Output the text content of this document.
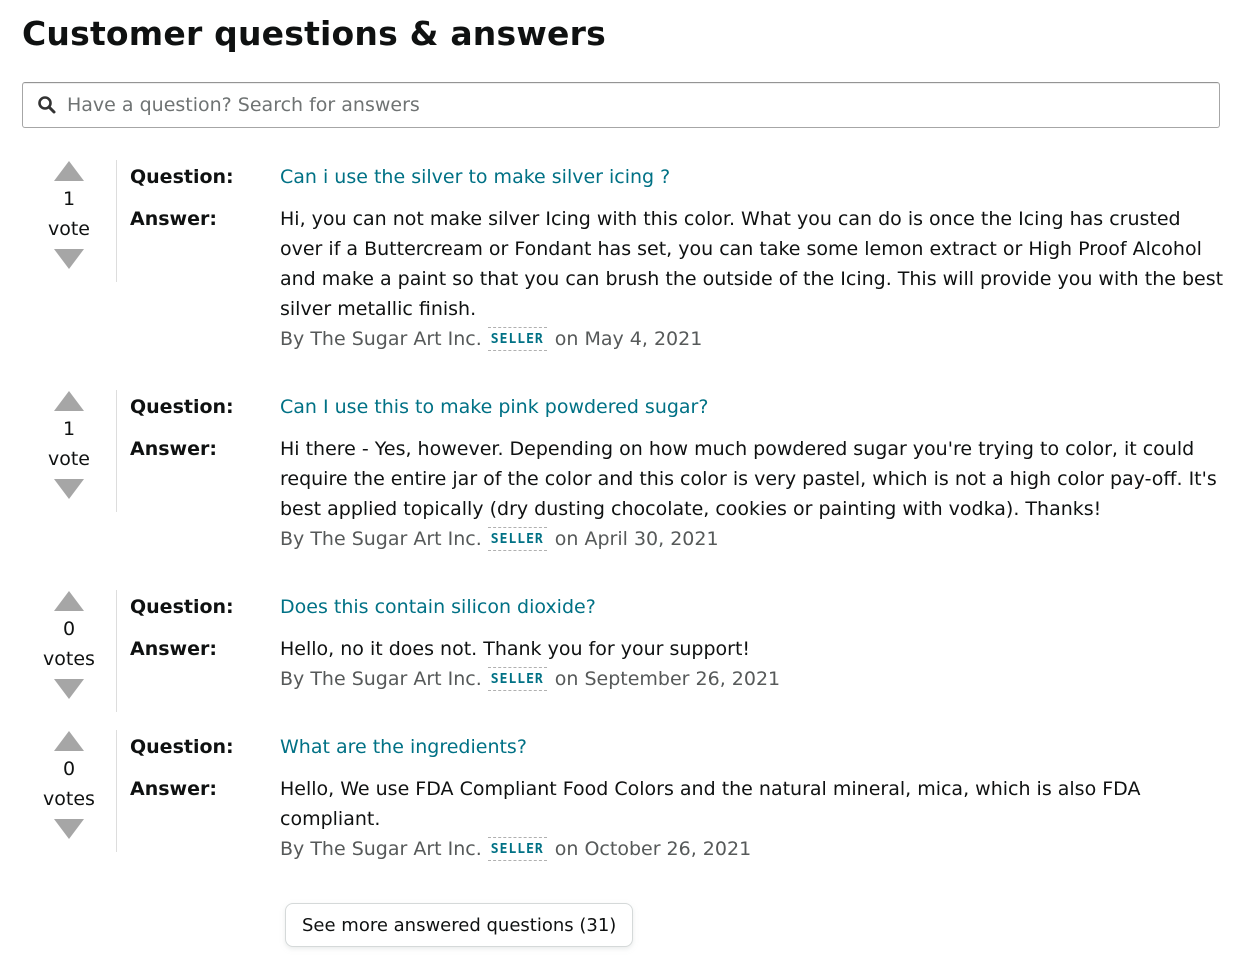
Customer questions & answers
Have a question? Search for answers
1
vote
Question: Can i use the silver to make silver icing ?
Answer:	Hi, you can not make silver Icing with this color. What you can do is once the Icing has crusted over if a Buttercream or Fondant has set, you can take some lemon extract or High Proof Alcohol and make a paint so that you can brush the outside of the Icing. This will provide you with the best silver metallic finish.
By The Sugar Art Inc. SELLER on May 4, 2021
1
vote
Question: Can I use this to make pink powdered sugar?
Answer:	Hi there - Yes, however. Depending on how much powdered sugar you're trying to color, it could require the entire jar of the color and this color is very pastel, which is not a high color pay-off. It's best applied topically (dry dusting chocolate, cookies or painting with vodka). Thanks!
By The Sugar Art Inc. SELLER on April 30, 2021
0
votes
Question: Does this contain silicon dioxide?
Answer:	Hello, no it does not. Thank you for your support!
By The Sugar Art Inc. SELLER on September 26, 2021
0
votes
Question: What are the ingredients?
Answer:	Hello, We use FDA Compliant Food Colors and the natural mineral, mica, which is also FDA compliant.
By The Sugar Art Inc. SELLER on October 26, 2021
See more answered questions (31)
